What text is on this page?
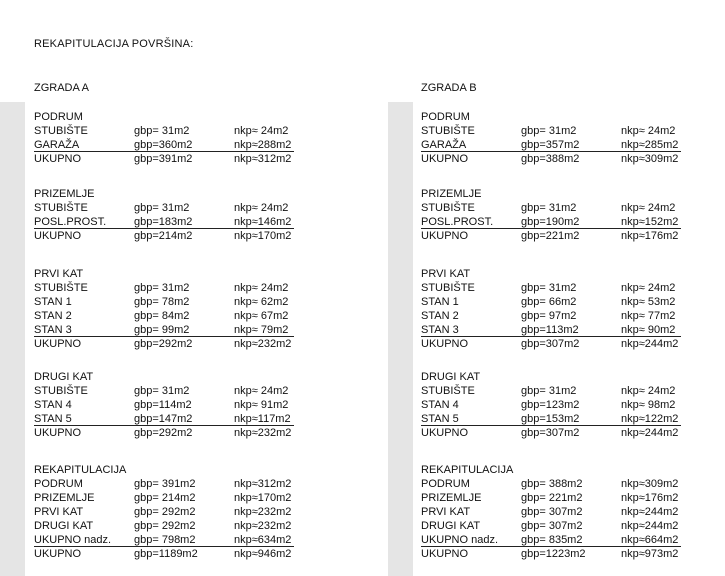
REKAPITULACIJA POVRŠINA:
ZGRADA A	ZGRADA B
PODRUM
STUBIŠTE	gbp= 31m2	nkp≈ 24m2
GARAŽA	gbp=360m2	nkp≈288m2
UKUPNO	gbp=391m2	nkp≈312m2
PRIZEMLJE
STUBIŠTE	gbp= 31m2	nkp≈ 24m2
POSL.PROST.	gbp=183m2	nkp≈146m2
UKUPNO	gbp=214m2	nkp≈170m2
PRVI KAT
STUBIŠTE	gbp= 31m2	nkp≈ 24m2
STAN 1	gbp= 78m2	nkp≈ 62m2
STAN 2	gbp= 84m2	nkp≈ 67m2
STAN 3	gbp= 99m2	nkp≈ 79m2
UKUPNO	gbp=292m2	nkp≈232m2
DRUGI KAT
STUBIŠTE	gbp= 31m2	nkp≈ 24m2
STAN 4	gbp=114m2	nkp≈ 91m2
STAN 5	gbp=147m2	nkp≈117m2
UKUPNO	gbp=292m2	nkp≈232m2
REKAPITULACIJA
PODRUM	gbp= 391m2	nkp≈312m2
PRIZEMLJE	gbp= 214m2	nkp≈170m2
PRVI KAT	gbp= 292m2	nkp≈232m2
DRUGI KAT	gbp= 292m2	nkp≈232m2
UKUPNO nadz. gbp= 798m2	nkp≈634m2
UKUPNO	gbp=1189m2	nkp≈946m2
PODRUM
STUBIŠTE	gbp= 31m2	nkp≈ 24m2
GARAŽA	gbp=357m2	nkp≈285m2
UKUPNO	gbp=388m2	nkp≈309m2
PRIZEMLJE
STUBIŠTE	gbp= 31m2	nkp≈ 24m2
POSL.PROST.	gbp=190m2	nkp≈152m2
UKUPNO	gbp=221m2	nkp≈176m2
PRVI KAT
STUBIŠTE	gbp= 31m2	nkp≈ 24m2
STAN 1	gbp= 66m2	nkp≈ 53m2
STAN 2	gbp= 97m2	nkp≈ 77m2
STAN 3	gbp=113m2	nkp≈ 90m2
UKUPNO	gbp=307m2	nkp≈244m2
DRUGI KAT
STUBIŠTE	gbp= 31m2	nkp≈ 24m2
STAN 4	gbp=123m2	nkp≈ 98m2
STAN 5	gbp=153m2	nkp≈122m2
UKUPNO	gbp=307m2	nkp≈244m2
REKAPITULACIJA
PODRUM	gbp= 388m2	nkp≈309m2
PRIZEMLJE	gbp= 221m2	nkp≈176m2
PRVI KAT	gbp= 307m2	nkp≈244m2
DRUGI KAT	gbp= 307m2	nkp≈244m2
UKUPNO nadz. gbp= 835m2	nkp≈664m2
UKUPNO	gbp=1223m2	nkp≈973m2
